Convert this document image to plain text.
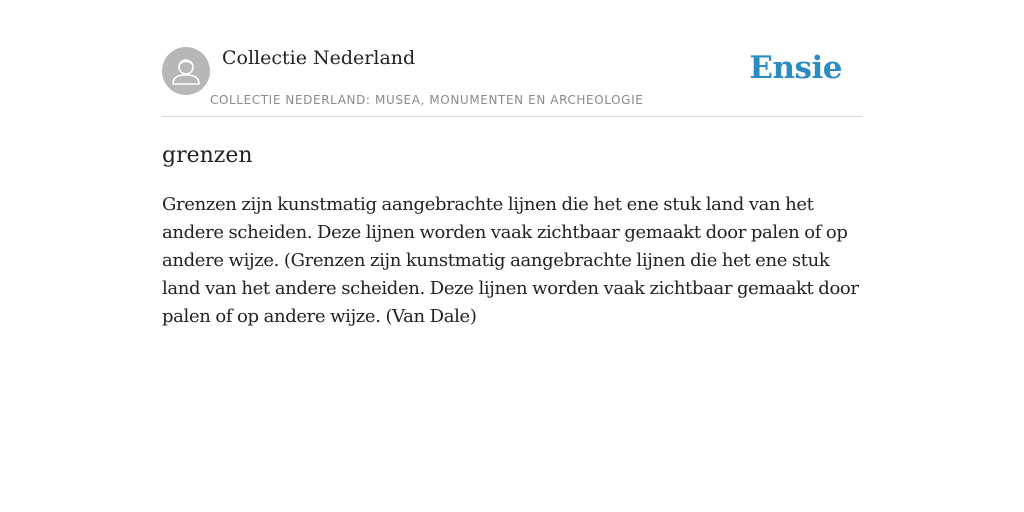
Collectie Nederland
COLLECTIE NEDERLAND: MUSEA, MONUMENTEN EN ARCHEOLOGIE
Ensie
grenzen

Grenzen zijn kunstmatig aangebrachte lijnen die het ene stuk land van het andere scheiden. Deze lijnen worden vaak zichtbaar gemaakt door palen of op andere wijze. (Grenzen zijn kunstmatig aangebrachte lijnen die het ene stuk land van het andere scheiden. Deze lijnen worden vaak zichtbaar gemaakt door palen of op andere wijze. (Van Dale)
